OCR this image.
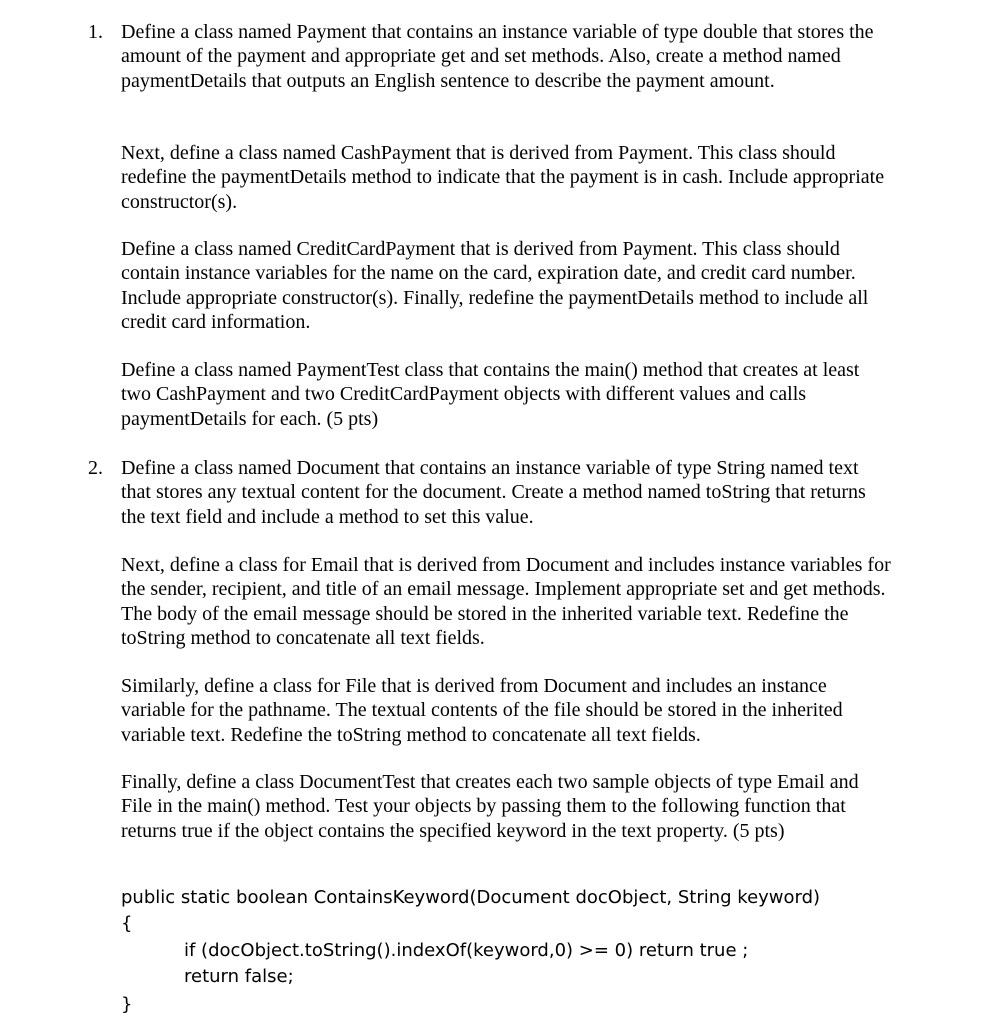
1. Define a class named Payment that contains an instance variable of type double that stores the amount of the payment and appropriate get and set methods. Also, create a method named paymentDetails that outputs an English sentence to describe the payment amount.

Next, define a class named CashPayment that is derived from Payment. This class should redefine the paymentDetails method to indicate that the payment is in cash. Include appropriate constructor(s).

Define a class named CreditCardPayment that is derived from Payment. This class should contain instance variables for the name on the card, expiration date, and credit card number. Include appropriate constructor(s). Finally, redefine the paymentDetails method to include all credit card information.

Define a class named PaymentTest class that contains the main() method that creates at least two CashPayment and two CreditCardPayment objects with different values and calls paymentDetails for each. (5 pts)

2. Define a class named Document that contains an instance variable of type String named text that stores any textual content for the document. Create a method named toString that returns the text field and include a method to set this value.

Next, define a class for Email that is derived from Document and includes instance variables for the sender, recipient, and title of an email message. Implement appropriate set and get methods. The body of the email message should be stored in the inherited variable text. Redefine the toString method to concatenate all text fields.

Similarly, define a class for File that is derived from Document and includes an instance variable for the pathname. The textual contents of the file should be stored in the inherited variable text. Redefine the toString method to concatenate all text fields.

Finally, define a class DocumentTest that creates each two sample objects of type Email and File in the main() method. Test your objects by passing them to the following function that returns true if the object contains the specified keyword in the text property. (5 pts)

public static boolean ContainsKeyword(Document docObject, String keyword)
{
if (docObject.toString().indexOf(keyword,0) >= 0) return true ;
return false;
}
